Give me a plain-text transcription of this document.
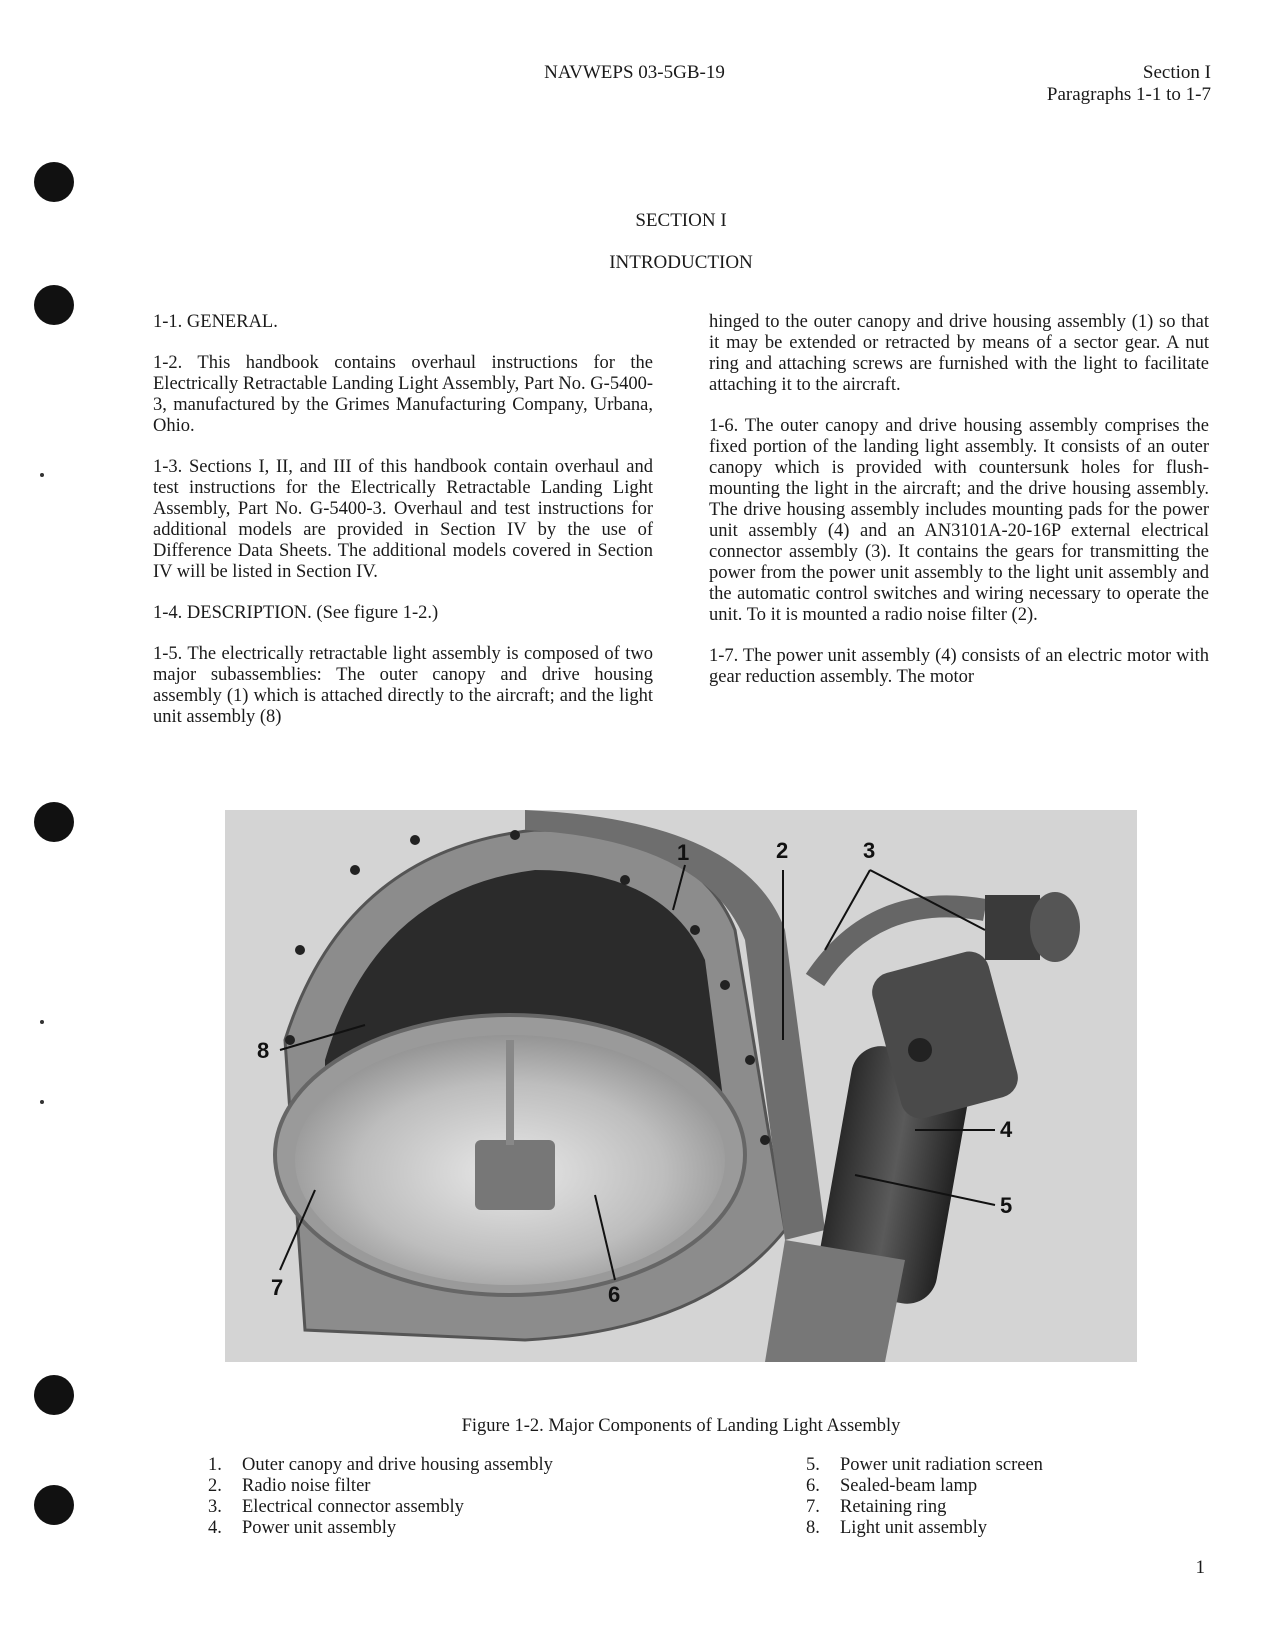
NAVWEPS 03-5GB-19	Section I
Paragraphs 1-1 to 1-7
SECTION I
INTRODUCTION

1-1. GENERAL.

1-2. This handbook contains overhaul instructions for the Electrically Retractable Landing Light Assembly, Part No. G-5400-3, manufactured by the Grimes Manufacturing Company, Urbana, Ohio.

1-3. Sections I, II, and III of this handbook contain overhaul and test instructions for the Electrically Retractable Landing Light Assembly, Part No. G-5400-3. Overhaul and test instructions for additional models are provided in Section IV by the use of Difference Data Sheets. The additional models covered in Section IV will be listed in Section IV.

1-4. DESCRIPTION. (See figure 1-2.)

1-5. The electrically retractable light assembly is composed of two major subassemblies: The outer canopy and drive housing assembly (1) which is attached directly to the aircraft; and the light unit assembly (8)

hinged to the outer canopy and drive housing assembly (1) so that it may be extended or retracted by means of a sector gear. A nut ring and attaching screws are furnished with the light to facilitate attaching it to the aircraft.

1-6. The outer canopy and drive housing assembly comprises the fixed portion of the landing light assembly. It consists of an outer canopy which is provided with countersunk holes for flush-mounting the light in the aircraft; and the drive housing assembly. The drive housing assembly includes mounting pads for the power unit assembly (4) and an AN3101A-20-16P external electrical connector assembly (3). It contains the gears for transmitting the power from the power unit assembly to the light unit assembly and the automatic control switches and wiring necessary to operate the unit. To it is mounted a radio noise filter (2).

1-7. The power unit assembly (4) consists of an electric motor with gear reduction assembly. The motor

1	2	3
4
5
6
7
8
Figure 1-2. Major Components of Landing Light Assembly
1. Outer canopy and drive housing assembly
2. Radio noise filter
3. Electrical connector assembly
4. Power unit assembly
5. Power unit radiation screen
6. Sealed-beam lamp
7. Retaining ring
8. Light unit assembly
1
